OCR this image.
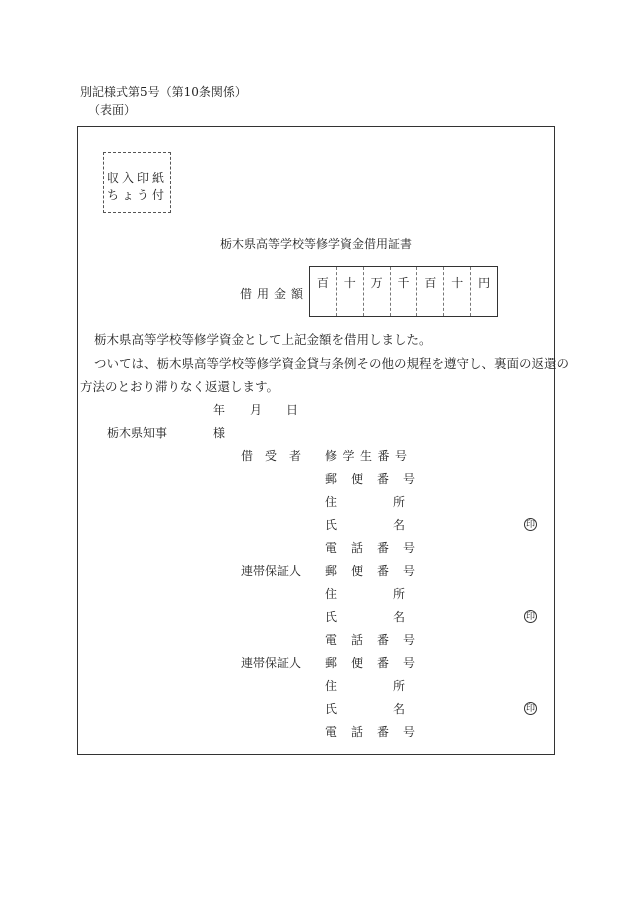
別記様式第5号（第10条関係）
（表面）
収入印紙
ちょう付
栃木県高等学校等修学資金借用証書
借用金額
百	十	万	千	百	十	円
栃木県高等学校等修学資金として上記金額を借用しました。
ついては、栃木県高等学校等修学資金貸与条例その他の規程を遵守し、裏面の返還の
方法のとおり滞りなく返還します。
年 月 日
栃木県知事	様
借　受　者 修 学 生 番 号
郵便番号
住所
氏名	印
電話番号
連帯保証人 郵便番号
住所
氏名	印
電話番号
連帯保証人 郵便番号
住所
氏名	印
電話番号
